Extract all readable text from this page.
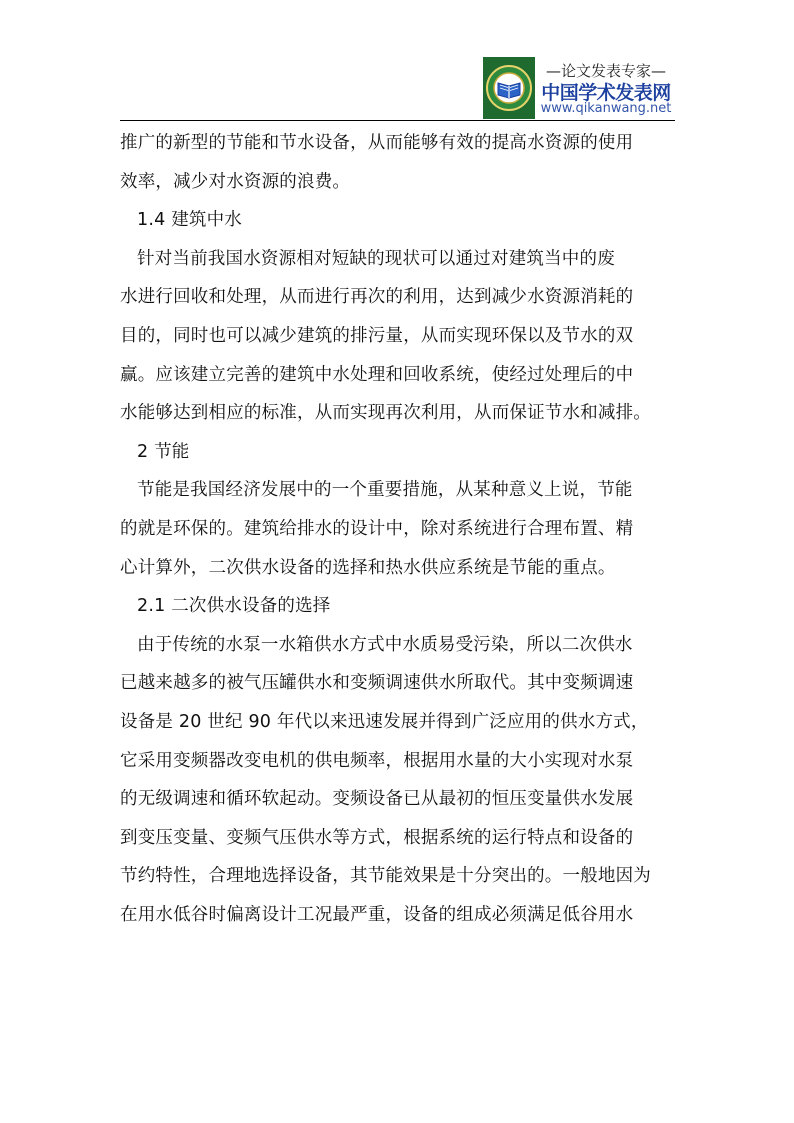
—论文发表专家—
中国学术发表网
www.qikanwang.net
推广的新型的节能和节水设备，从而能够有效的提高水资源的使用
效率，减少对水资源的浪费。
1.4 建筑中水
针对当前我国水资源相对短缺的现状可以通过对建筑当中的废
水进行回收和处理，从而进行再次的利用，达到减少水资源消耗的
目的，同时也可以减少建筑的排污量，从而实现环保以及节水的双
赢。应该建立完善的建筑中水处理和回收系统，使经过处理后的中
水能够达到相应的标准，从而实现再次利用，从而保证节水和减排。
2 节能
节能是我国经济发展中的一个重要措施，从某种意义上说，节能
的就是环保的。建筑给排水的设计中，除对系统进行合理布置、精
心计算外，二次供水设备的选择和热水供应系统是节能的重点。
2.1 二次供水设备的选择
由于传统的水泵一水箱供水方式中水质易受污染，所以二次供水
已越来越多的被气压罐供水和变频调速供水所取代。其中变频调速
设备是 20 世纪 90 年代以来迅速发展并得到广泛应用的供水方式，
它采用变频器改变电机的供电频率，根据用水量的大小实现对水泵
的无级调速和循环软起动。变频设备已从最初的恒压变量供水发展
到变压变量、变频气压供水等方式，根据系统的运行特点和设备的
节约特性，合理地选择设备，其节能效果是十分突出的。一般地因为
在用水低谷时偏离设计工况最严重，设备的组成必须满足低谷用水
